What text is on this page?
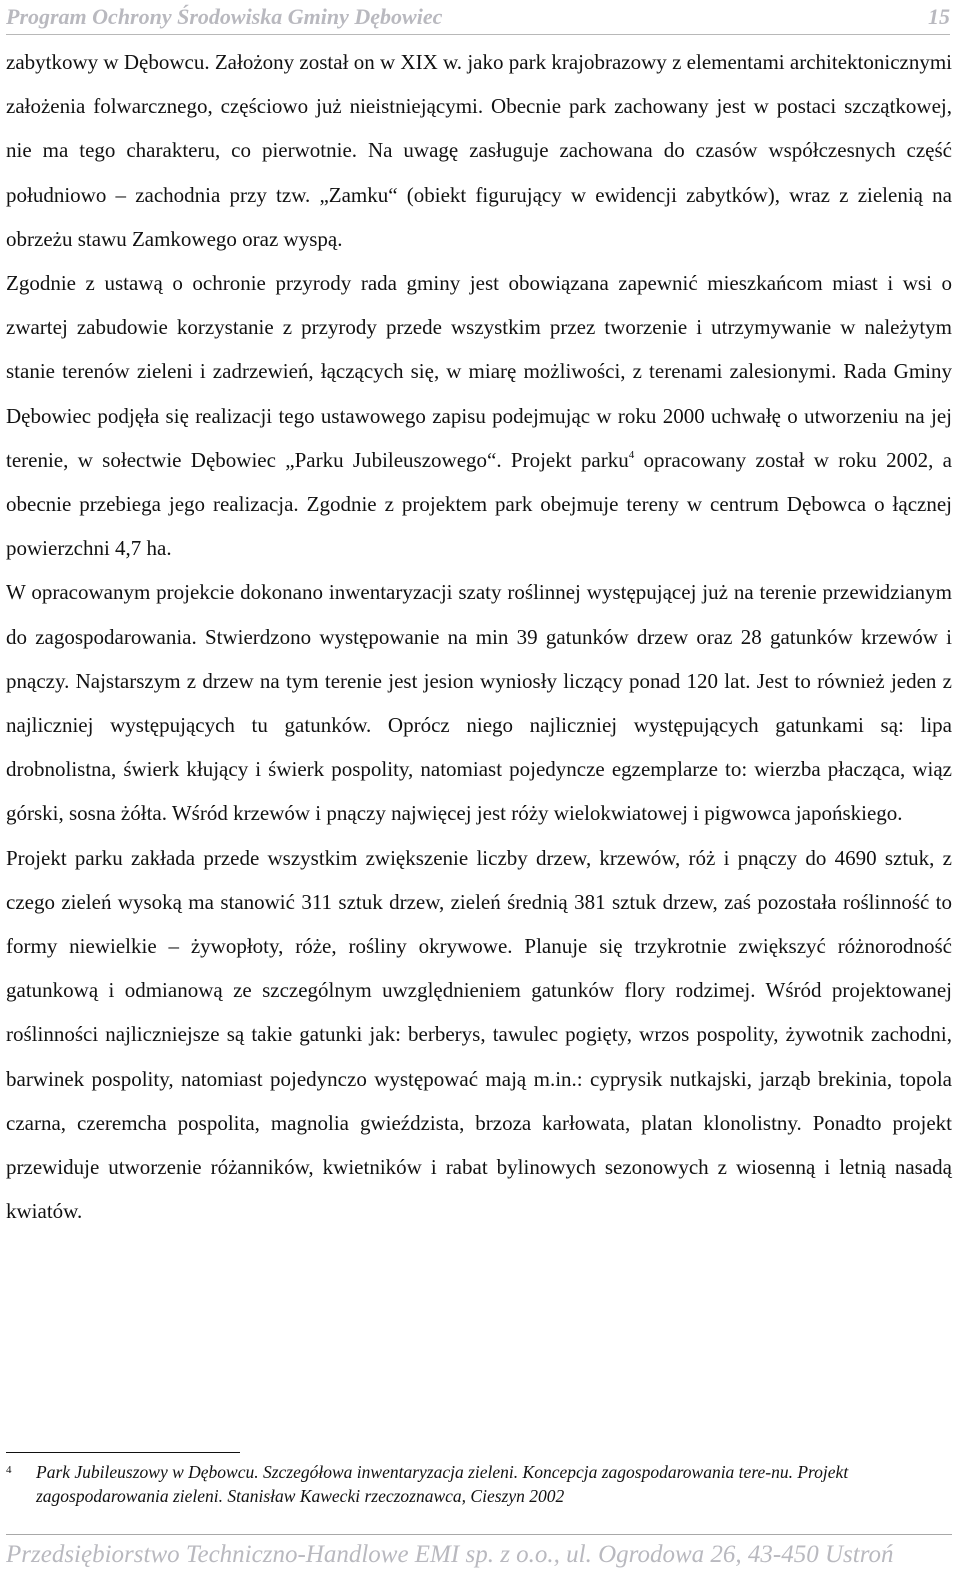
Program Ochrony Środowiska Gminy Dębowiec	15

zabytkowy w Dębowcu. Założony został on w XIX w. jako park krajobrazowy z elementami architektonicznymi założenia folwarcznego, częściowo już nieistniejącymi. Obecnie park zachowany jest w postaci szczątkowej, nie ma tego charakteru, co pierwotnie. Na uwagę zasługuje zachowana do czasów współczesnych część południowo – zachodnia przy tzw. „Zamku“ (obiekt figurujący w ewidencji zabytków), wraz z zielenią na obrzeżu stawu Zamkowego oraz wyspą.

Zgodnie z ustawą o ochronie przyrody rada gminy jest obowiązana zapewnić mieszkańcom miast i wsi o zwartej zabudowie korzystanie z przyrody przede wszystkim przez tworzenie i utrzymywanie w należytym stanie terenów zieleni i zadrzewień, łączących się, w miarę możliwości, z terenami zalesionymi. Rada Gminy Dębowiec podjęła się realizacji tego ustawowego zapisu podejmując w roku 2000 uchwałę o utworzeniu na jej terenie, w sołectwie Dębowiec „Parku Jubileuszowego“. Projekt parku$^4$ opracowany został w roku 2002, a obecnie przebiega jego realizacja. Zgodnie z projektem park obejmuje tereny w centrum Dębowca o łącznej powierzchni 4,7 ha.

W opracowanym projekcie dokonano inwentaryzacji szaty roślinnej występującej już na terenie przewidzianym do zagospodarowania. Stwierdzono występowanie na min 39 gatunków drzew oraz 28 gatunków krzewów i pnączy. Najstarszym z drzew na tym terenie jest jesion wyniosły liczący ponad 120 lat. Jest to również jeden z najliczniej występujących tu gatunków. Oprócz niego najliczniej występujących gatunkami są: lipa drobnolistna, świerk kłujący i świerk pospolity, natomiast pojedyncze egzemplarze to: wierzba płacząca, wiąz górski, sosna żółta. Wśród krzewów i pnączy najwięcej jest róży wielokwiatowej i pigwowca japońskiego.

Projekt parku zakłada przede wszystkim zwiększenie liczby drzew, krzewów, róż i pnączy do 4690 sztuk, z czego zieleń wysoką ma stanowić 311 sztuk drzew, zieleń średnią 381 sztuk drzew, zaś pozostała roślinność to formy niewielkie – żywopłoty, róże, rośliny okrywowe. Planuje się trzykrotnie zwiększyć różnorodność gatunkową i odmianową ze szczególnym uwzględnieniem gatunków flory rodzimej. Wśród projektowanej roślinności najliczniejsze są takie gatunki jak: berberys, tawulec pogięty, wrzos pospolity, żywotnik zachodni, barwinek pospolity, natomiast pojedynczo występować mają m.in.: cyprysik nutkajski, jarząb brekinia, topola czarna, czeremcha pospolita, magnolia gwieździsta, brzoza karłowata, platan klonolistny. Ponadto projekt przewiduje utworzenie różanników, kwietników i rabat bylinowych sezonowych z wiosenną i letnią nasadą kwiatów.

4 Park Jubileuszowy w Dębowcu. Szczegółowa inwentaryzacja zieleni. Koncepcja zagospodarowania tere-nu. Projekt zagospodarowania zieleni. Stanisław Kawecki rzeczoznawca, Cieszyn 2002
Przedsiębiorstwo Techniczno-Handlowe EMI sp. z o.o., ul. Ogrodowa 26, 43-450 Ustroń
